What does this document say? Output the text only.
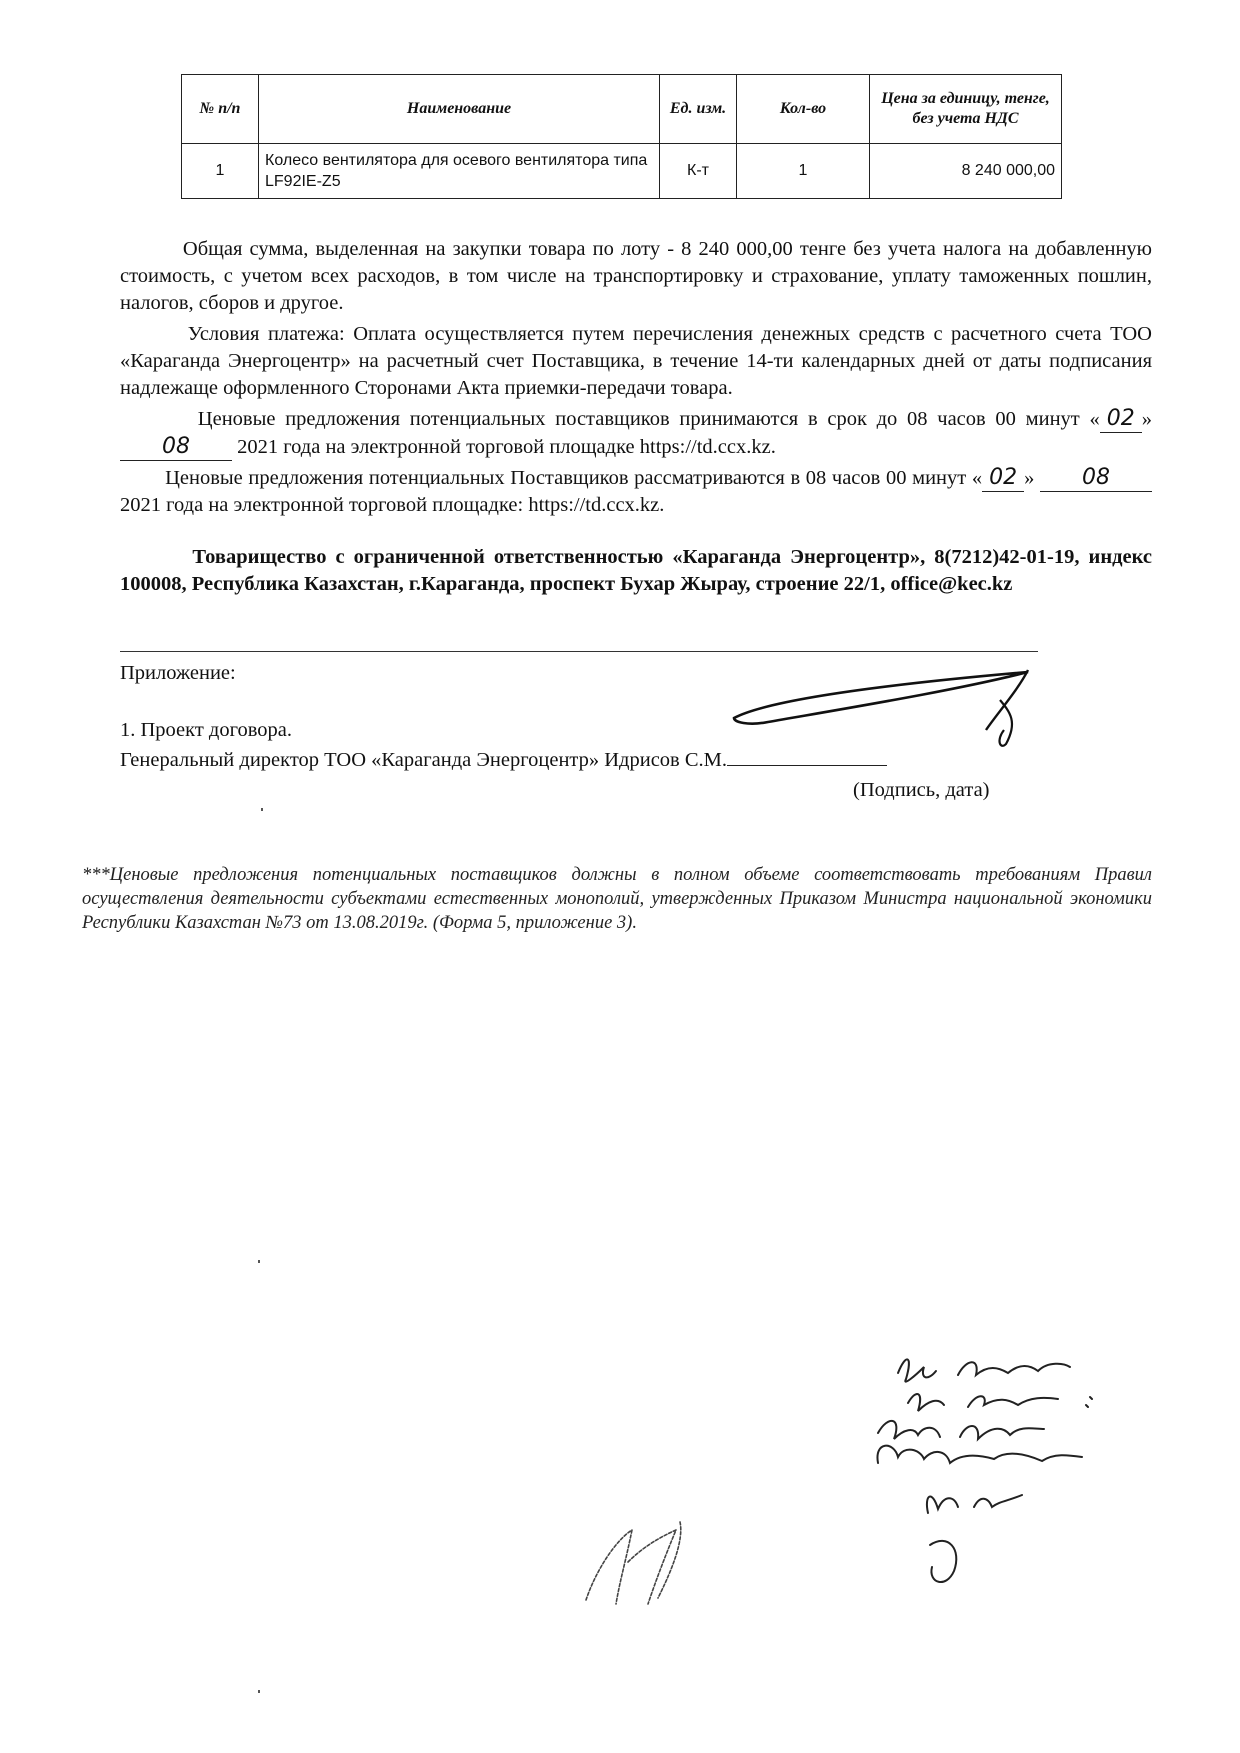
№ п/п	Наименование	Ед. изм.	Кол-во	Цена за единицу, тенге, без учета НДС
1	Колесо вентилятора для осевого вентилятора типа LF92IE-Z5	К-т	1	8 240 000,00

Общая сумма, выделенная на закупки товара по лоту - 8 240 000,00 тенге без учета налога на добавленную стоимость, с учетом всех расходов, в том числе на транспортировку и страхование, уплату таможенных пошлин, налогов, сборов и другое.

Условия платежа: Оплата осуществляется путем перечисления денежных средств с расчетного счета ТОО «Караганда Энергоцентр» на расчетный счет Поставщика, в течение 14-ти календарных дней от даты подписания надлежаще оформленного Сторонами Акта приемки-передачи товара.

Ценовые предложения потенциальных поставщиков принимаются в срок до 08 часов 00 минут « 02 » 08 2021 года на электронной торговой площадке https://td.ccx.kz.

Ценовые предложения потенциальных Поставщиков рассматриваются в 08 часов 00 минут « 02 » 08 2021 года на электронной торговой площадке: https://td.ccx.kz.

Товарищество с ограниченной ответственностью «Караганда Энергоцентр», 8(7212)42-01-19, индекс 100008, Республика Казахстан, г.Караганда, проспект Бухар Жырау, строение 22/1, office@kec.kz

Приложение:
1. Проект договора.
Генеральный директор ТОО «Караганда Энергоцентр» Идрисов С.М.
(Подпись, дата)

***Ценовые предложения потенциальных поставщиков должны в полном объеме соответствовать требованиям Правил осуществления деятельности субъектами естественных монополий, утвержденных Приказом Министра национальной экономики Республики Казахстан №73 от 13.08.2019г. (Форма 5, приложение 3).
